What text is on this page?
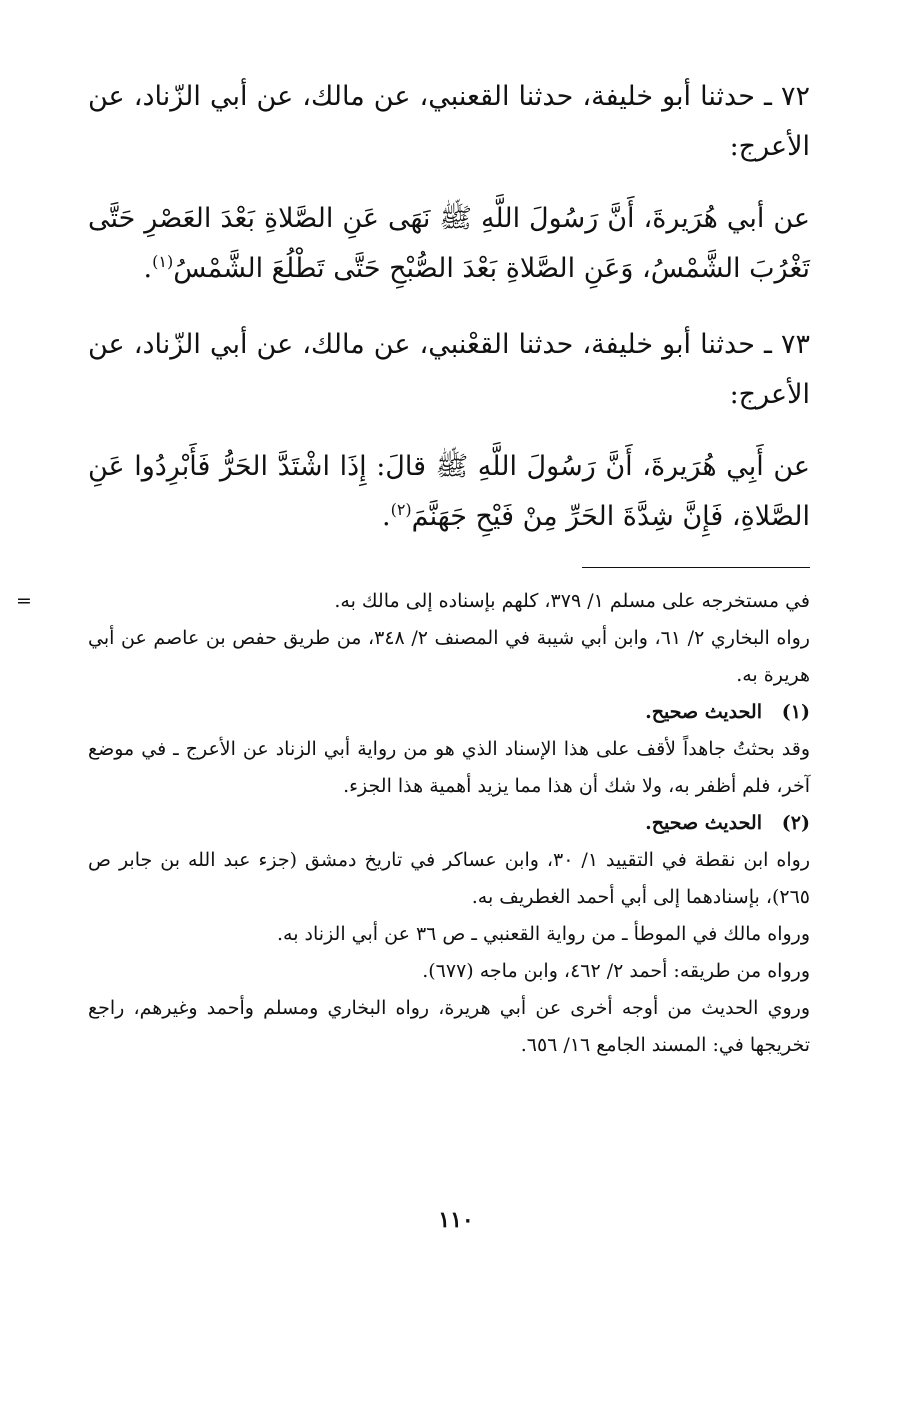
٧٢ ـ حدثنا أبو خليفة، حدثنا القعنبي، عن مالك، عن أبي الزّناد، عن الأعرج:

عن أبي هُرَيرةَ، أَنَّ رَسُولَ اللَّهِ ﷺ نَهَى عَنِ الصَّلاةِ بَعْدَ العَصْرِ حَتَّى تَغْرُبَ الشَّمْسُ، وَعَنِ الصَّلاةِ بَعْدَ الصُّبْحِ حَتَّى تَطْلُعَ الشَّمْسُ$^{(١)}$.

٧٣ ـ حدثنا أبو خليفة، حدثنا القعْنبي، عن مالك، عن أبي الزّناد، عن الأعرج:

عن أَبِي هُرَيرةَ، أَنَّ رَسُولَ اللَّهِ ﷺ قالَ: إِذَا اشْتَدَّ الحَرُّ فَأَبْرِدُوا عَنِ الصَّلاةِ، فَإِنَّ شِدَّةَ الحَرِّ مِنْ فَيْحِ جَهَنَّمَ$^{(٢)}$.

=	في مستخرجه على مسلم ١/ ٣٧٩، كلهم بإسناده إلى مالك به.

رواه البخاري ٢/ ٦١، وابن أبي شيبة في المصنف ٢/ ٣٤٨، من طريق حفص بن عاصم عن أبي هريرة به.

(١)الحديث صحيح.

وقد بحثتُ جاهداً لأقف على هذا الإسناد الذي هو من رواية أبي الزناد عن الأعرج ـ في موضع آخر، فلم أظفر به، ولا شك أن هذا مما يزيد أهمية هذا الجزء.

(٢)الحديث صحيح.

رواه ابن نقطة في التقييد ١/ ٣٠، وابن عساكر في تاريخ دمشق (جزء عبد الله بن جابر ص ٢٦٥)، بإسنادهما إلى أبي أحمد الغطريف به.

ورواه مالك في الموطأ ـ من رواية القعنبي ـ ص ٣٦ عن أبي الزناد به.

ورواه من طريقه: أحمد ٢/ ٤٦٢، وابن ماجه (٦٧٧).

وروي الحديث من أوجه أخرى عن أبي هريرة، رواه البخاري ومسلم وأحمد وغيرهم، راجع تخريجها في: المسند الجامع ١٦/ ٦٥٦.

١١٠
